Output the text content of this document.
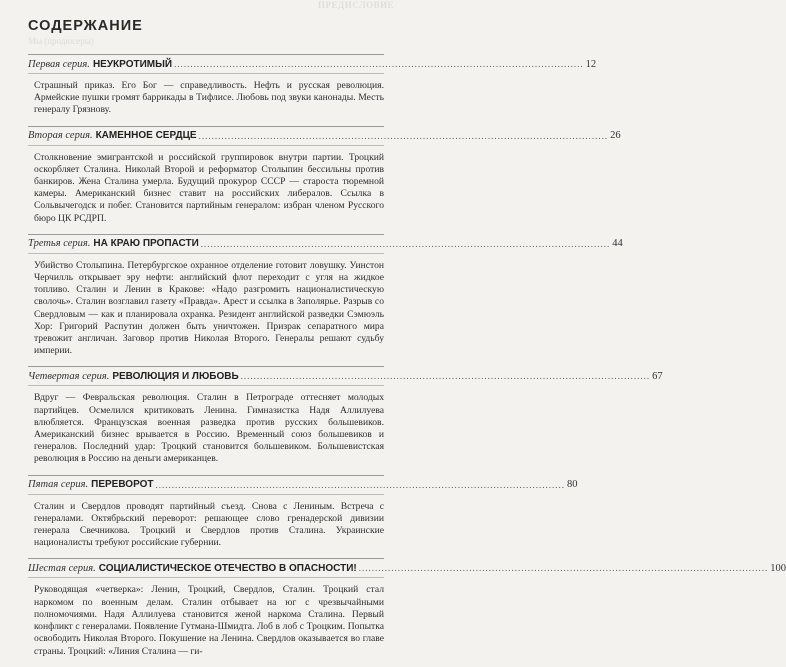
ПРЕДИСЛОВИЕ
СОДЕРЖАНИЕ
Мы (продюсеры)
Первая серия. НЕУКРОТИМЫЙ .............................................................................................................................. 12
Страшный приказ. Его Бог — справедливость. Нефть и русская революция. Армейские пушки громят баррикады в Тифлисе. Любовь под звуки канонады. Месть генералу Грязнову.
Вторая серия. КАМЕННОЕ СЕРДЦЕ .............................................................................................................................. 26
Столкновение эмигрантской и российской группировок внутри партии. Троцкий оскорбляет Сталина. Николай Второй и реформатор Столыпин бессильны против банкиров. Жена Сталина умерла. Будущий прокурор СССР — староста тюремной камеры. Американский бизнес ставит на российских либералов. Ссылка в Сольвычегодск и побег. Становится партийным генералом: избран членом Русского бюро ЦК РСДРП.
Третья серия. НА КРАЮ ПРОПАСТИ .............................................................................................................................. 44
Убийство Столыпина. Петербургское охранное отделение готовит ловушку. Уинстон Черчилль открывает эру нефти: английский флот переходит с угля на жидкое топливо. Сталин и Ленин в Кракове: «Надо разгромить националистическую сволочь». Сталин возглавил газету «Правда». Арест и ссылка в Заполярье. Разрыв со Свердловым — как и планировала охранка. Резидент английской разведки Сэмюэль Хор: Григорий Распутин должен быть уничтожен. Призрак сепаратного мира тревожит англичан. Заговор против Николая Второго. Генералы решают судьбу империи.
Четвертая серия. РЕВОЛЮЦИЯ И ЛЮБОВЬ .............................................................................................................................. 67
Вдруг — Февральская революция. Сталин в Петрограде оттесняет молодых партийцев. Осмелился критиковать Ленина. Гимназистка Надя Аллилуева влюбляется. Французская военная разведка против русских большевиков. Американский бизнес врывается в Россию. Временный союз большевиков и генералов. Последний удар: Троцкий становится большевиком. Большевистская революция в Россию на деньги американцев.
Пятая серия. ПЕРЕВОРОТ .............................................................................................................................. 80
Сталин и Свердлов проводят партийный съезд. Снова с Лениным. Встреча с генералами. Октябрьский переворот: решающее слово гренадерской дивизии генерала Свечникова. Троцкий и Свердлов против Сталина. Украинские националисты требуют российские губернии.
Шестая серия. СОЦИАЛИСТИЧЕСКОЕ ОТЕЧЕСТВО В ОПАСНОСТИ! .............................................................................................................................. 100
Руководящая «четверка»: Ленин, Троцкий, Свердлов, Сталин. Троцкий стал наркомом по военным делам. Сталин отбывает на юг с чрезвычайными полномочиями. Надя Аллилуева становится женой наркома Сталина. Первый конфликт с генералами. Появление Гутмана-Шмидта. Лоб в лоб с Троцким. Попытка освободить Николая Второго. Покушение на Ленина. Свердлов оказывается во главе страны. Троцкий: «Линия Сталина — ги-
